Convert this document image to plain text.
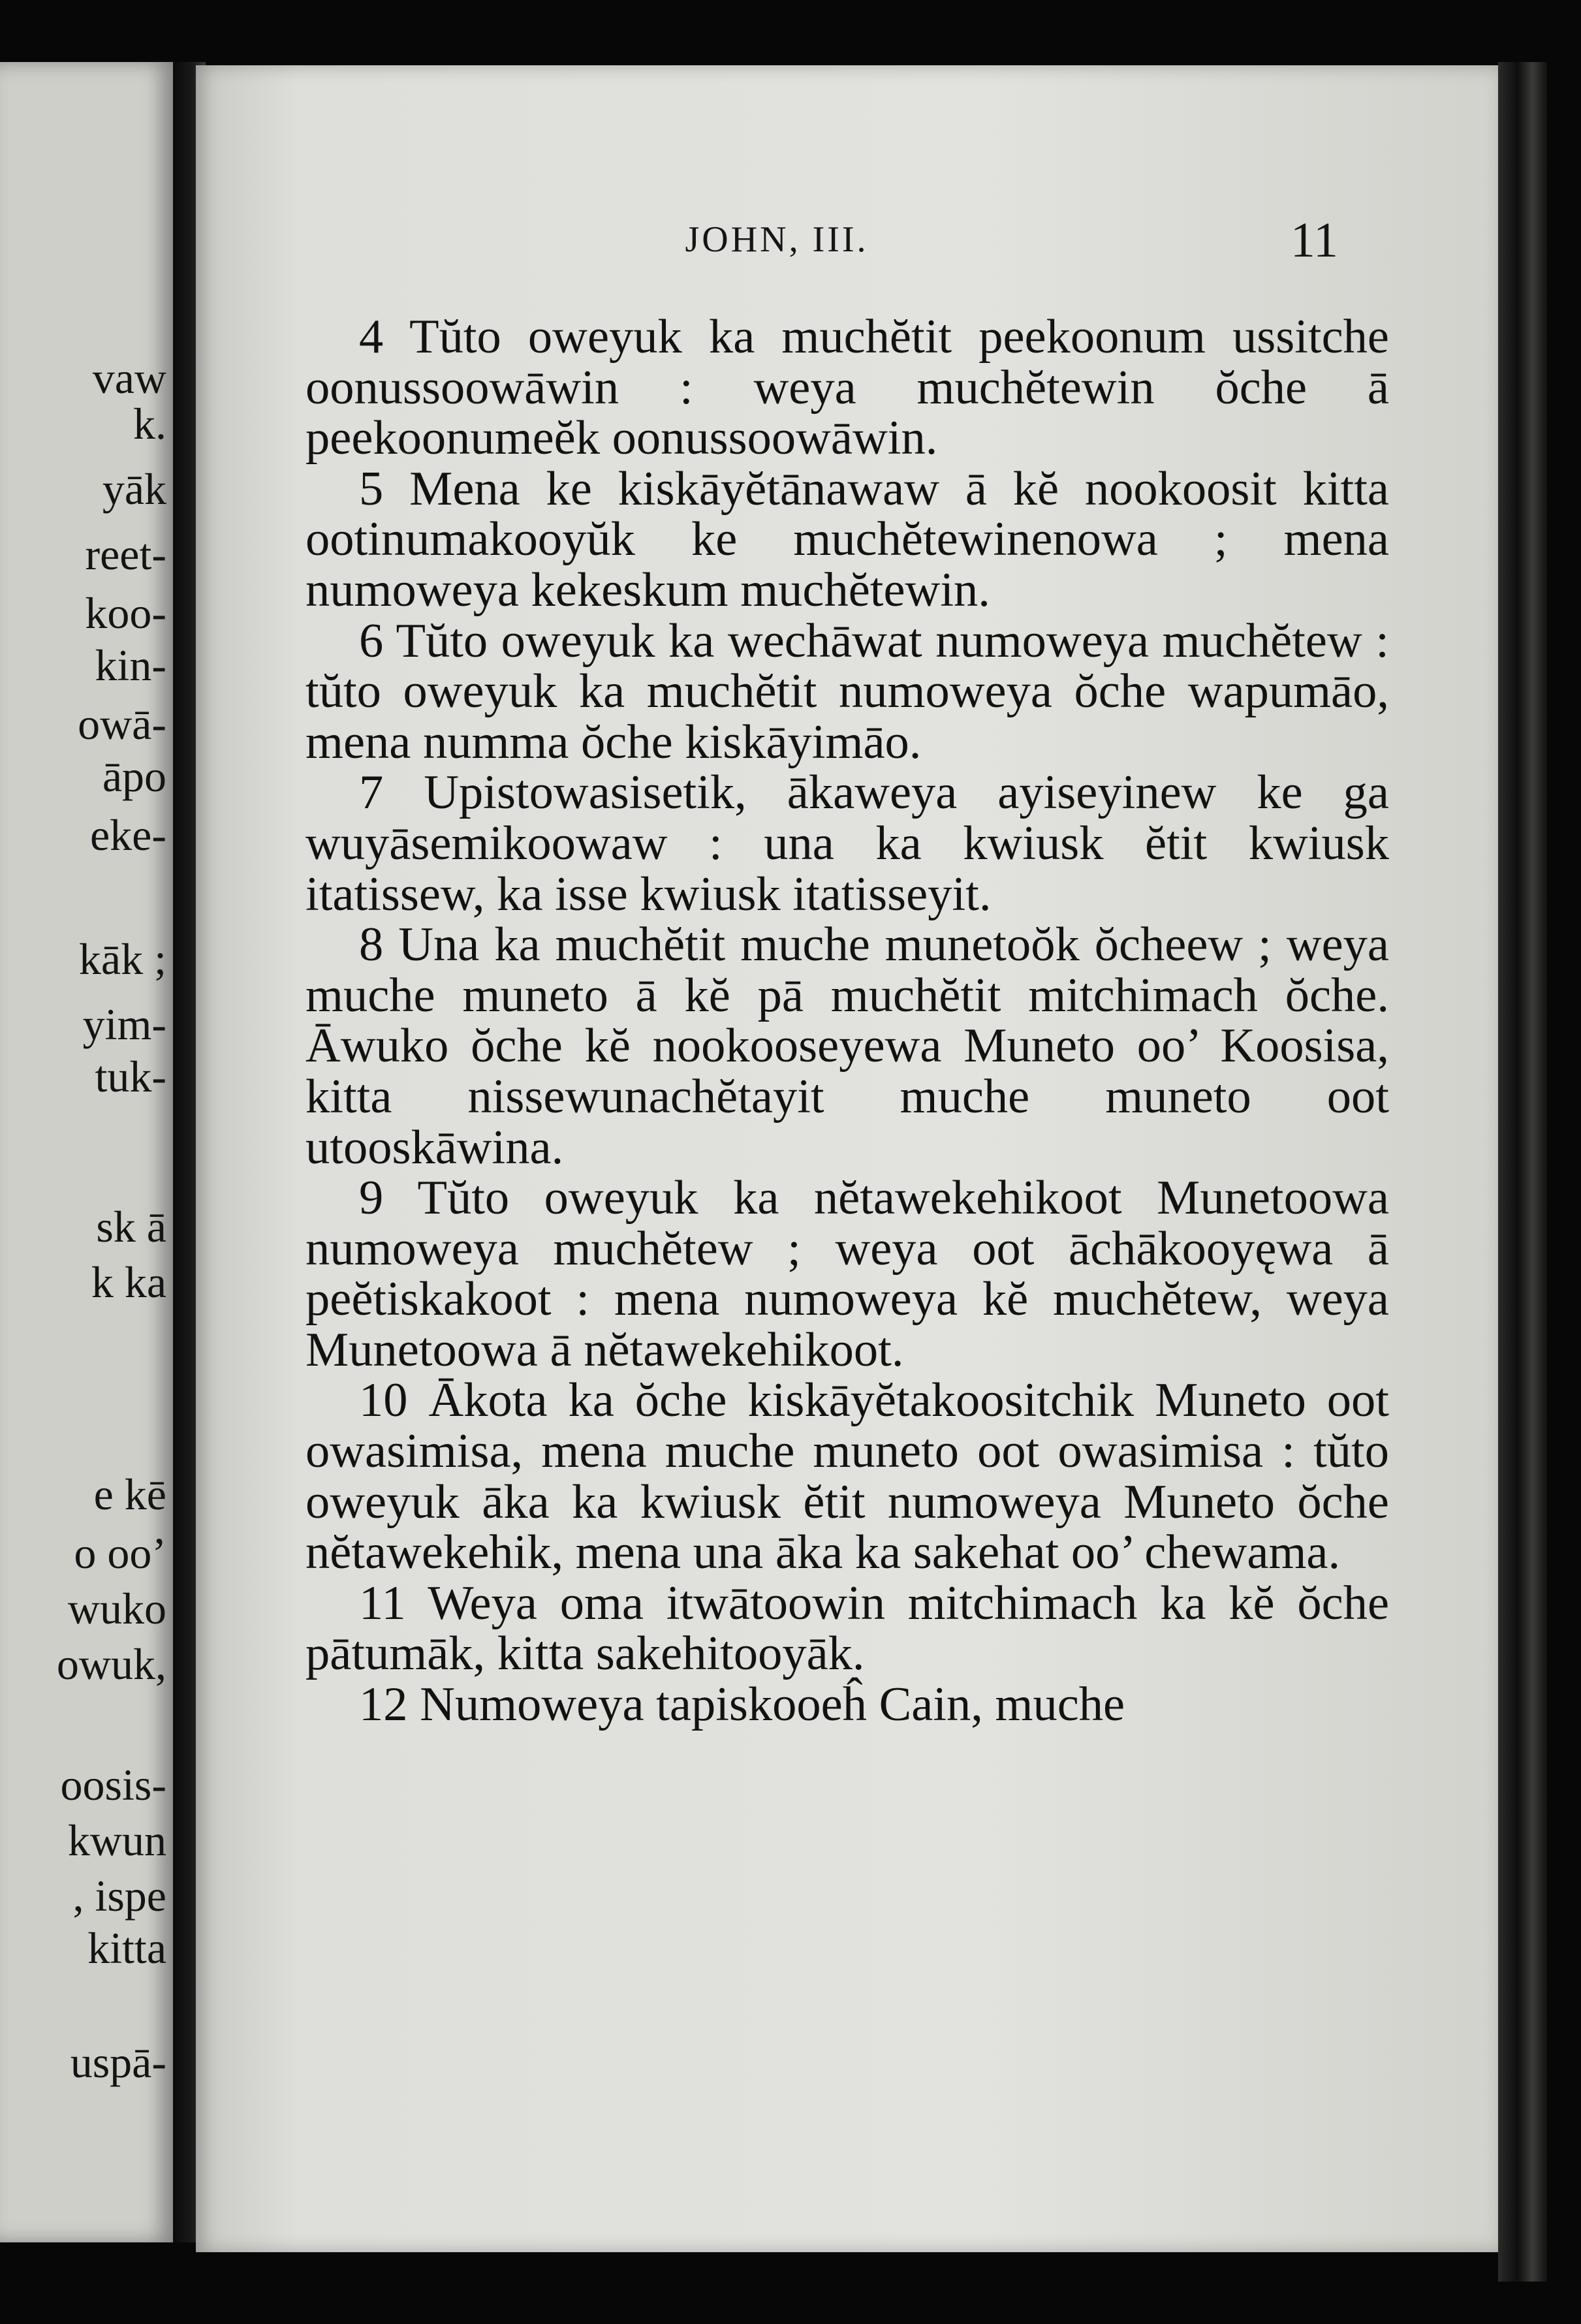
vaw

k.

yāk

reet-

koo-

kin-

owā-

āpo

eke-

kāk ;

yim-

tuk-

sk ā

k ka

e kē

o oo’

wuko

owuk,

oosis-

kwun

, ispe

kitta

uspā-

JOHN, III.	11

4 Tŭto oweyuk ka muchĕtit peekoonum ussitche oonussoowāwin : weya muchĕtewin ŏche ā peekoonumeĕk oonussoowāwin.

5 Mena ke kiskāyĕtānawaw ā kĕ nookoosit kitta ootinumakooyŭk ke muchĕtewinenowa ; mena numoweya kekeskum muchĕtewin.

6 Tŭto oweyuk ka wechāwat numoweya muchĕtew : tŭto oweyuk ka muchĕtit numoweya ŏche wapumāo, mena numma ŏche kiskāyimāo.

7 Upistowasisetik, ākaweya ayiseyinew ke ga wuyāsemikoowaw : una ka kwiusk ĕtit kwiusk itatissew, ka isse kwiusk itatisseyit.

8 Una ka muchĕtit muche munetoŏk ŏcheew ; weya muche muneto ā kĕ pā muchĕtit mitchimach ŏche. Āwuko ŏche kĕ nookooseyewa Muneto oo’ Koosisa, kitta nissewunachĕtayit muche muneto oot utooskāwina.

9 Tŭto oweyuk ka nĕtawekehikoot Munetoowa numoweya muchĕtew ; weya oot āchākooyęwa ā peĕtiskakoot : mena numoweya kĕ muchĕtew, weya Munetoowa ā nĕtawekehikoot.

10 Ākota ka ŏche kiskāyĕtakoositchik Muneto oot owasimisa, mena muche muneto oot owasimisa : tŭto oweyuk āka ka kwiusk ĕtit numoweya Muneto ŏche nĕtawekehik, mena una āka ka sakehat oo’ chewama.

11 Weya oma itwātoowin mitchimach ka kĕ ŏche pātumāk, kitta sakehitooyāk.

12 Numoweya tapiskooeĥ Cain, muche
